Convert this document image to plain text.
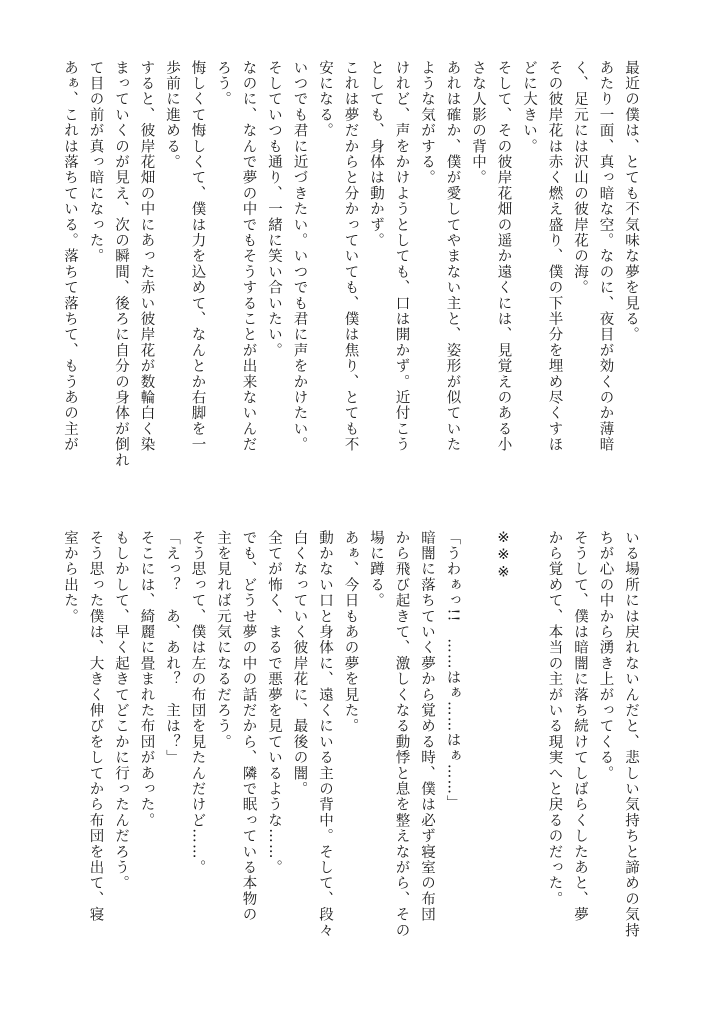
最近の僕は、とても不気味な夢を見る。
あたり一面、真っ暗な空。なのに、夜目が効くのか薄暗
く、足元には沢山の彼岸花の海。
その彼岸花は赤く燃え盛り、僕の下半分を埋め尽くすほ
どに大きい。
そして、その彼岸花畑の遥か遠くには、見覚えのある小
さな人影の背中。
あれは確か、僕が愛してやまない主と、姿形が似ていた
ような気がする。
けれど、声をかけようとしても、口は開かず。近付こう
としても、身体は動かず。
これは夢だからと分かっていても、僕は焦り、とても不
安になる。
いつでも君に近づきたい。いつでも君に声をかけたい。
そしていつも通り、一緒に笑い合いたい。
なのに、なんで夢の中でもそうすることが出来ないんだ
ろう。
悔しくて悔しくて、僕は力を込めて、なんとか右脚を一
歩前に進める。
すると、彼岸花畑の中にあった赤い彼岸花が数輪白く染
まっていくのが見え、次の瞬間、後ろに自分の身体が倒れ
て目の前が真っ暗になった。
あぁ、これは落ちている。落ちて落ちて、もうあの主が
いる場所には戻れないんだと、悲しい気持ちと諦めの気持
ちが心の中から湧き上がってくる。
そうして、僕は暗闇に落ち続けてしばらくしたあと、夢
から覚めて、本当の主がいる現実へと戻るのだった。

※※※

「うわぁっ!!　……はぁ……はぁ……」
暗闇に落ちていく夢から覚める時、僕は必ず寝室の布団
から飛び起きて、激しくなる動悸と息を整えながら、その
場に蹲る。
あぁ、今日もあの夢を見た。
動かない口と身体に、遠くにいる主の背中。そして、段々
白くなっていく彼岸花に、最後の闇。
全てが怖く、まるで悪夢を見ているような……。
でも、どうせ夢の中の話だから、隣で眠っている本物の
主を見れば元気になるだろう。
そう思って、僕は左の布団を見たんだけど……。
「えっ？　あ、あれ？　主は？」
そこには、綺麗に畳まれた布団があった。
もしかして、早く起きてどこかに行ったんだろう。
そう思った僕は、大きく伸びをしてから布団を出て、寝
室から出た。
